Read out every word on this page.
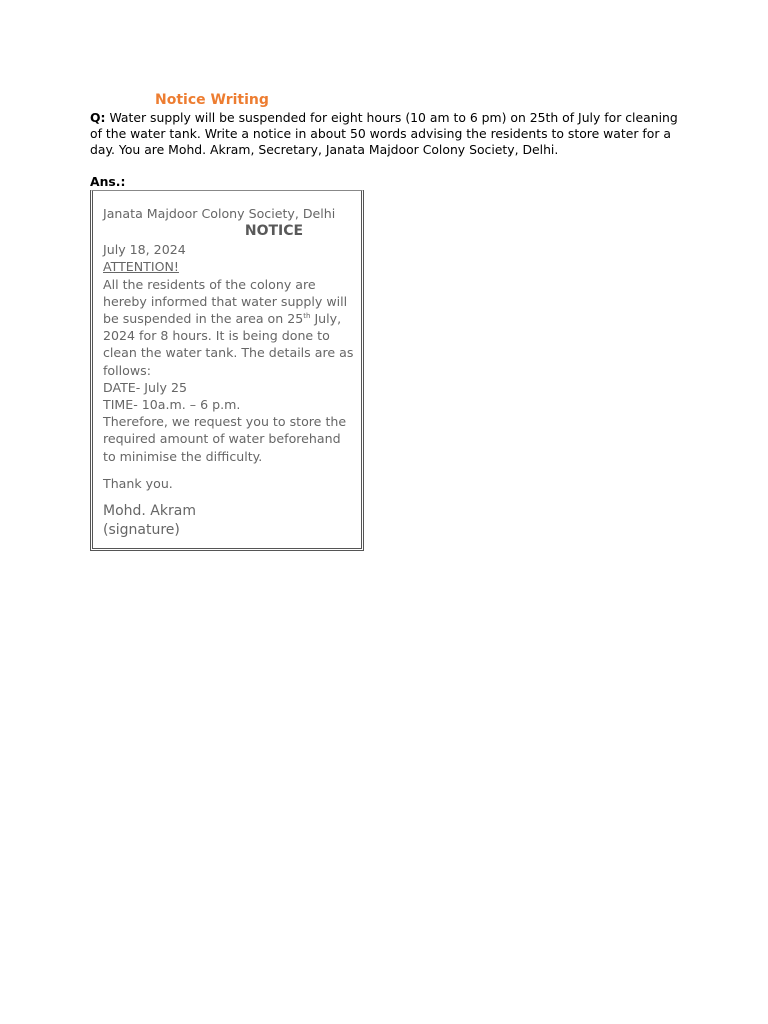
Notice Writing
Q: Water supply will be suspended for eight hours (10 am to 6 pm) on 25th of July for cleaning of the water tank. Write a notice in about 50 words advising the residents to store water for a day. You are Mohd. Akram, Secretary, Janata Majdoor Colony Society, Delhi.
Ans.:
Janata Majdoor Colony Society, Delhi
NOTICE
July 18, 2024
ATTENTION!
All the residents of the colony are hereby informed that water supply will be suspended in the area on 25th July, 2024 for 8 hours. It is being done to clean the water tank. The details are as follows:
DATE- July 25
TIME- 10a.m. – 6 p.m.
Therefore, we request you to store the required amount of water beforehand to minimise the difficulty.
Thank you.
Mohd. Akram
(signature)
